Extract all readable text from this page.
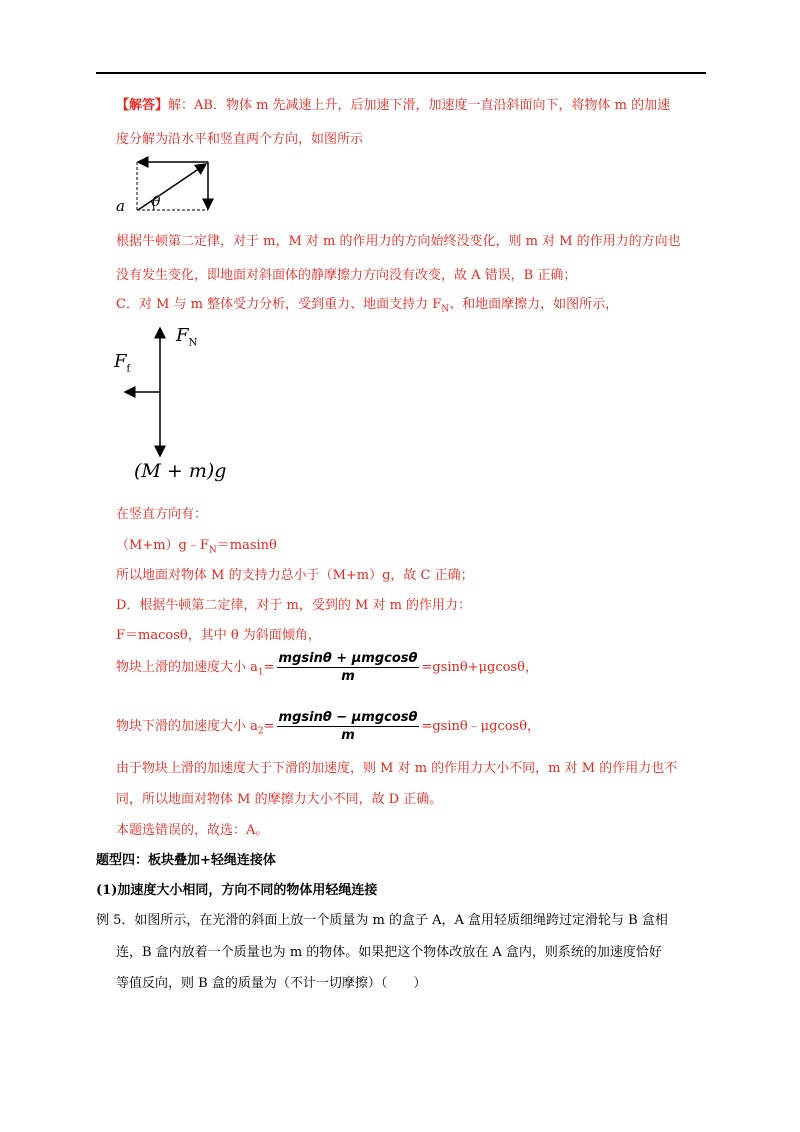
【解答】解：AB．物体 m 先减速上升，后加速下滑，加速度一直沿斜面向下，将物体 m 的加速
度分解为沿水平和竖直两个方向，如图所示
a θ
根据牛顿第二定律，对于 m，M 对 m 的作用力的方向始终没变化，则 m 对 M 的作用力的方向也
没有发生变化，即地面对斜面体的静摩擦力方向没有改变，故 A 错误，B 正确；
C．对 M 与 m 整体受力分析，受到重力、地面支持力 $F_N$、和地面摩擦力，如图所示，
$F_N$
$F_f$
(M + m)g
在竖直方向有：
$(M+m)g﹣F_N=masin\theta$
所以地面对物体 M 的支持力总小于（M+m）g，故 C 正确；
D．根据牛顿第二定律，对于 m，受到的 M 对 m 的作用力：
F＝macosθ，其中 θ 为斜面倾角，
物块上滑的加速度大小 $a_1= \frac{\text{mgsinθ + μmgcosθ}}{m} =gsin\theta+\mu gcos\theta$，
物块下滑的加速度大小 $a_2= \frac{\text{mgsinθ − μmgcosθ}}{m}$ =gsinθ﹣μgcosθ，
由于物块上滑的加速度大于下滑的加速度，则 M 对 m 的作用力大小不同，m 对 M 的作用力也不
同，所以地面对物体 M 的摩擦力大小不同，故 D 正确。
本题选错误的，故选：A。
题型四：板块叠加+轻绳连接体
(1)加速度大小相同，方向不同的物体用轻绳连接
例 5．如图所示，在光滑的斜面上放一个质量为 m 的盒子 A，A 盒用轻质细绳跨过定滑轮与 B 盒相
连，B 盒内放着一个质量也为 m 的物体。如果把这个物体改放在 A 盒内，则系统的加速度恰好
等值反向，则 B 盒的质量为（不计一切摩擦）（　　）
